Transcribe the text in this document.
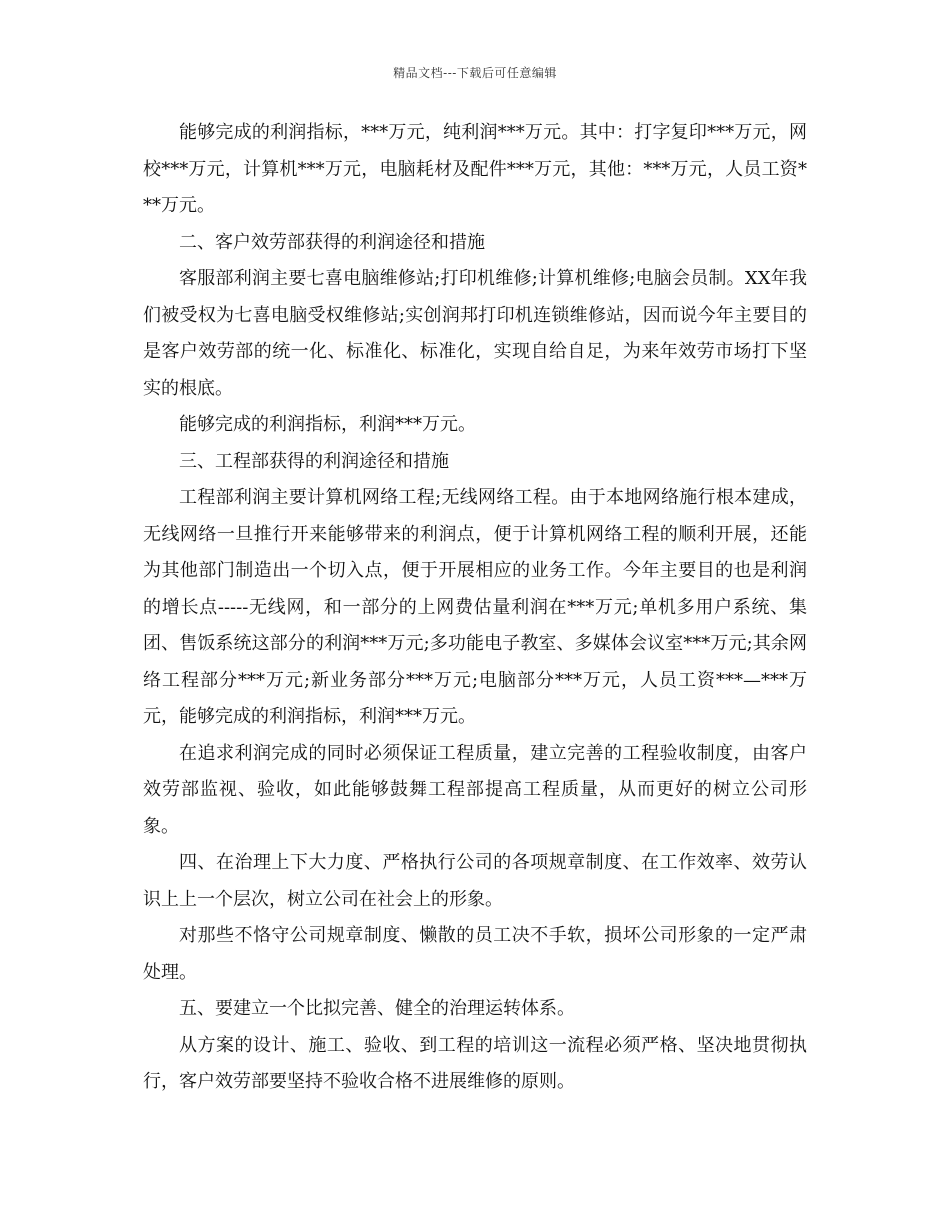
精品文档---下载后可任意编辑

能够完成的利润指标，***万元，纯利润***万元。其中：打字复印***万元，网校***万元，计算机***万元，电脑耗材及配件***万元，其他：***万元，人员工资***万元。

二、客户效劳部获得的利润途径和措施

客服部利润主要七喜电脑维修站;打印机维修;计算机维修;电脑会员制。XX年我们被受权为七喜电脑受权维修站;实创润邦打印机连锁维修站，因而说今年主要目的是客户效劳部的统一化、标准化、标准化，实现自给自足，为来年效劳市场打下坚实的根底。

能够完成的利润指标，利润***万元。

三、工程部获得的利润途径和措施

工程部利润主要计算机网络工程;无线网络工程。由于本地网络施行根本建成，无线网络一旦推行开来能够带来的利润点，便于计算机网络工程的顺利开展，还能为其他部门制造出一个切入点，便于开展相应的业务工作。今年主要目的也是利润的增长点-----无线网，和一部分的上网费估量利润在***万元;单机多用户系统、集团、售饭系统这部分的利润***万元;多功能电子教室、多媒体会议室***万元;其余网络工程部分***万元;新业务部分***万元;电脑部分***万元，人员工资***—***万元，能够完成的利润指标，利润***万元。

在追求利润完成的同时必须保证工程质量，建立完善的工程验收制度，由客户效劳部监视、验收，如此能够鼓舞工程部提高工程质量，从而更好的树立公司形象。

四、在治理上下大力度、严格执行公司的各项规章制度、在工作效率、效劳认识上上一个层次，树立公司在社会上的形象。

对那些不恪守公司规章制度、懒散的员工决不手软，损坏公司形象的一定严肃处理。

五、要建立一个比拟完善、健全的治理运转体系。

从方案的设计、施工、验收、到工程的培训这一流程必须严格、坚决地贯彻执行，客户效劳部要坚持不验收合格不进展维修的原则。
